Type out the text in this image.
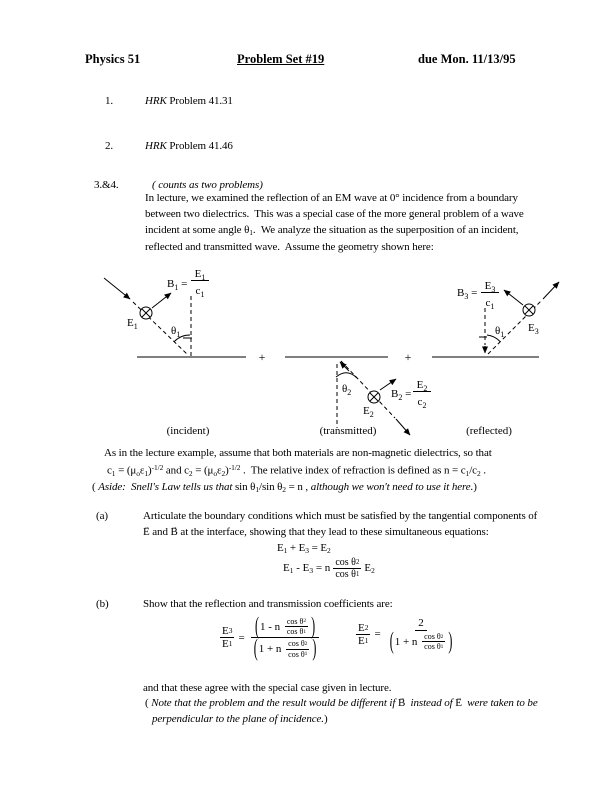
Physics 51	Problem Set #19	due Mon. 11/13/95
1.	HRK Problem 41.31
2.	HRK Problem 41.46
3.&4.	( counts as two problems)
In lecture, we examined the reflection of an EM wave at 0° incidence from a boundary
between two dielectrics.  This was a special case of the more general problem of a wave
incident at some angle θ1.  We analyze the situation as the superposition of an incident,
reflected and transmitted wave.  Assume the geometry shown here:
$B_1$ =
$E_1$
$c_1$
$E_1$	$\theta_1$
+
(incident)
$B_2$ =
$E_2$
$c_2$
$E_2$
$\theta_2$
+
(transmitted)
$B_3$ =
$E_3$
$c_1$
$E_3$
$\theta_1$
(reflected)
As in the lecture example, assume that both materials are non-magnetic dielectrics, so that
$c1 = (\mu o\varepsilon 1)^{-1/2}$ and $c2 = (\mu o\varepsilon 2)^{-1/2}$ .  The relative index of refraction is defined as n = c1/c2 .
( Aside:  Snell's Law tells us that sin θ1/sin θ2 = n , although we won't need to use it here.)
(a)	Articulate the boundary conditions which must be satisfied by the tangential components of
E → and B → at the interface, showing that they lead to these simultaneous equations:
E1 + E3 = E2
E1 - E3 = n cos θ 2
cos θ 1
E2
(b)	Show that the reflection and transmission coefficients are:
$\frac{E 3}{E 1}$ = ( 1 - n cos θ 2
cos θ 1 )
( 1 + n cos θ 2
cos θ 1 )	$\frac{E 2}{E 1}$ =
2
( 1 + n cos θ 2
cos θ 1 )
and that these agree with the special case given in lecture.
( Note that the problem and the result would be different if B →  instead of E →  were taken to be
perpendicular to the plane of incidence.)
